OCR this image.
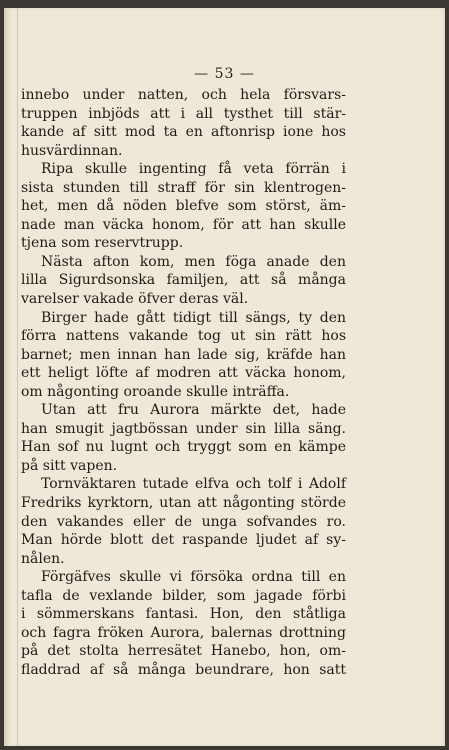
— 53 —
innebo under natten, och hela försvars-
truppen inbjöds att i all tysthet till stär-
kande af sitt mod ta en aftonrisp ione hos
husvärdinnan.
Ripa skulle ingenting få veta förrän i
sista stunden till straff för sin klentrogen-
het, men då nöden blefve som störst, äm-
nade man väcka honom, för att han skulle
tjena som reservtrupp.
Nästa afton kom, men föga anade den
lilla Sigurdsonska familjen, att så många
varelser vakade öfver deras väl.
Birger hade gått tidigt till sängs, ty den
förra nattens vakande tog ut sin rätt hos
barnet; men innan han lade sig, kräfde han
ett heligt löfte af modren att väcka honom,
om någonting oroande skulle inträffa.
Utan att fru Aurora märkte det, hade
han smugit jagtbössan under sin lilla säng.
Han sof nu lugnt och tryggt som en kämpe
på sitt vapen.
Tornväktaren tutade elfva och tolf i Adolf
Fredriks kyrktorn, utan att någonting störde
den vakandes eller de unga sofvandes ro.
Man hörde blott det raspande ljudet af sy-
nålen.
Förgäfves skulle vi försöka ordna till en
tafla de vexlande bilder, som jagade förbi
i sömmerskans fantasi. Hon, den ståtliga
och fagra fröken Aurora, balernas drottning
på det stolta herresätet Hanebo, hon, om-
fladdrad af så många beundrare, hon satt
